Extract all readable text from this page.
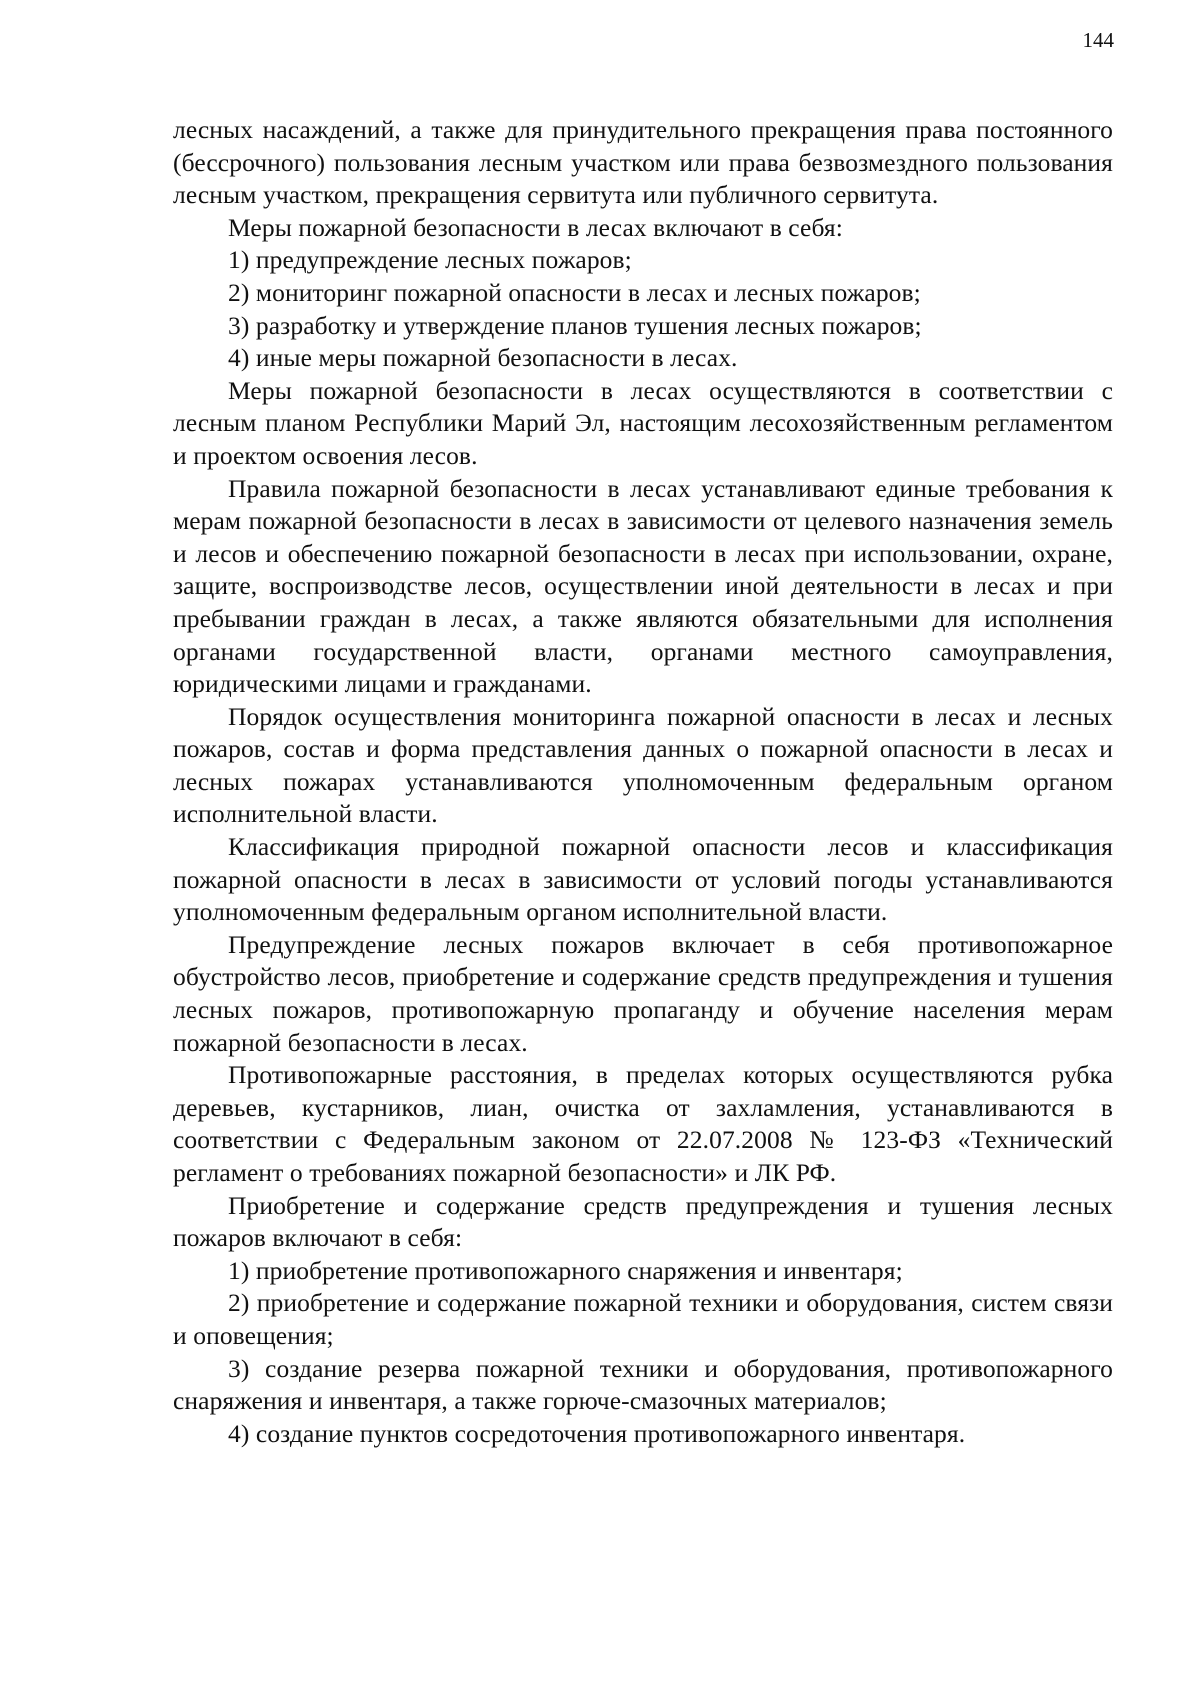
144

лесных насаждений, а также для принудительного прекращения права постоянного (бессрочного) пользования лесным участком или права безвозмездного пользования лесным участком, прекращения сервитута или публичного сервитута.

Меры пожарной безопасности в лесах включают в себя:

1) предупреждение лесных пожаров;

2) мониторинг пожарной опасности в лесах и лесных пожаров;

3) разработку и утверждение планов тушения лесных пожаров;

4) иные меры пожарной безопасности в лесах.

Меры пожарной безопасности в лесах осуществляются в соответствии с лесным планом Республики Марий Эл, настоящим лесохозяйственным регламентом и проектом освоения лесов.

Правила пожарной безопасности в лесах устанавливают единые требования к мерам пожарной безопасности в лесах в зависимости от целевого назначения земель и лесов и обеспечению пожарной безопасности в лесах при использовании, охране, защите, воспроизводстве лесов, осуществлении иной деятельности в лесах и при пребывании граждан в лесах, а также являются обязательными для исполнения органами государственной власти, органами местного самоуправления, юридическими лицами и гражданами.

Порядок осуществления мониторинга пожарной опасности в лесах и лесных пожаров, состав и форма представления данных о пожарной опасности в лесах и лесных пожарах устанавливаются уполномоченным федеральным органом исполнительной власти.

Классификация природной пожарной опасности лесов и классификация пожарной опасности в лесах в зависимости от условий погоды устанавливаются уполномоченным федеральным органом исполнительной власти.

Предупреждение лесных пожаров включает в себя противопожарное обустройство лесов, приобретение и содержание средств предупреждения и тушения лесных пожаров, противопожарную пропаганду и обучение населения мерам пожарной безопасности в лесах.

Противопожарные расстояния, в пределах которых осуществляются рубка деревьев, кустарников, лиан, очистка от захламления, устанавливаются в соответствии с Федеральным законом от 22.07.2008 № 123-ФЗ «Технический регламент о требованиях пожарной безопасности» и ЛК РФ.

Приобретение и содержание средств предупреждения и тушения лесных пожаров включают в себя:

1) приобретение противопожарного снаряжения и инвентаря;

2) приобретение и содержание пожарной техники и оборудования, систем связи и оповещения;

3) создание резерва пожарной техники и оборудования, противопожарного снаряжения и инвентаря, а также горюче-смазочных материалов;

4) создание пунктов сосредоточения противопожарного инвентаря.
